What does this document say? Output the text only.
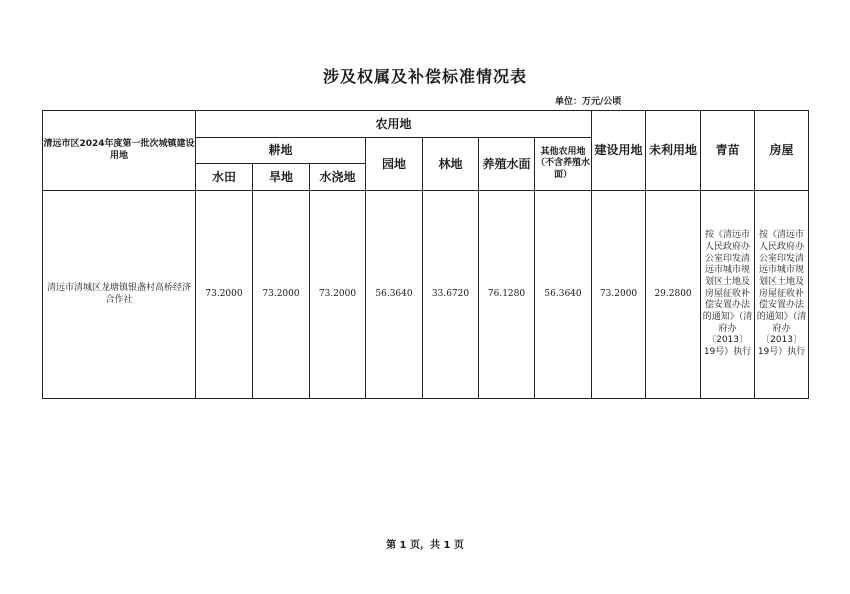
涉及权属及补偿标准情况表
单位：万元/公顷
清远市区2024年度第一批次城镇建设用地	农用地							建设用地	未利用地	青苗	房屋
	耕地			园地	林地	养殖水面	其他农用地（不含养殖水面）				
	水田	旱地	水浇地								
清远市清城区龙塘镇银盏村高桥经济合作社	73.2000	73.2000	73.2000	56.3640	33.6720	76.1280	56.3640	73.2000	29.2800	按《清远市人民政府办公室印发清远市城市规划区土地及房屋征收补偿安置办法的通知》（清府办〔2013〕19号）执行	按《清远市人民政府办公室印发清远市城市规划区土地及房屋征收补偿安置办法的通知》（清府办〔2013〕19号）执行
第 1 页，共 1 页
